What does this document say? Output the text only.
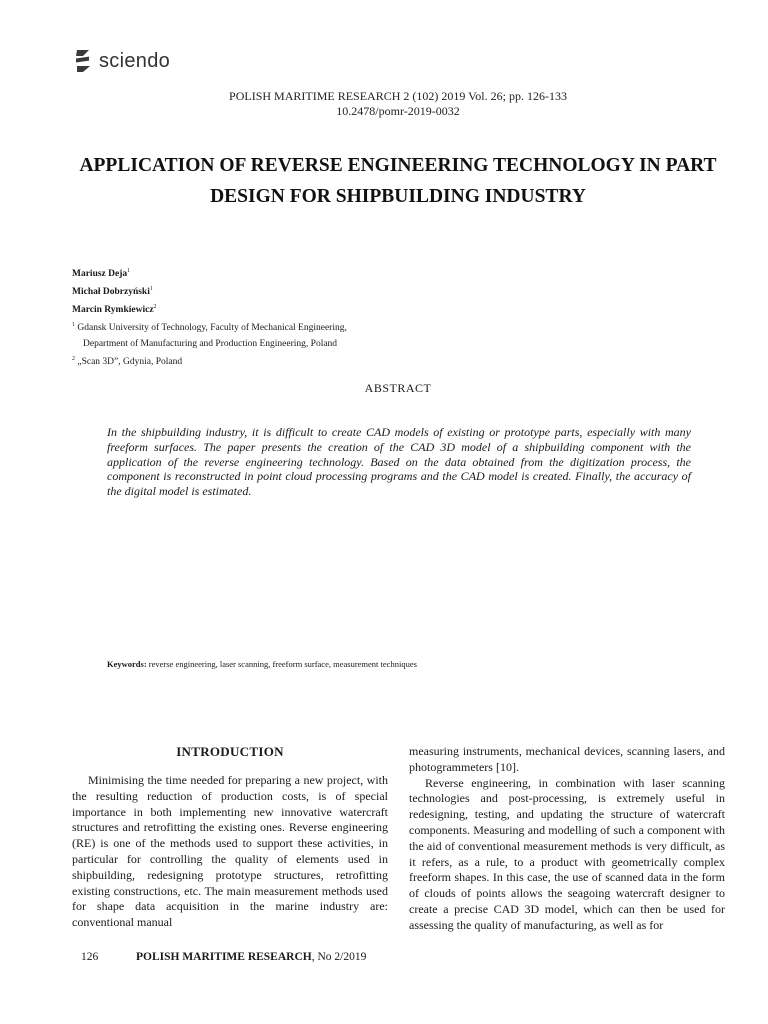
sciendo
POLISH MARITIME RESEARCH 2 (102) 2019 Vol. 26; pp. 126-133
10.2478/pomr-2019-0032
APPLICATION OF REVERSE ENGINEERING TECHNOLOGY IN PART DESIGN FOR SHIPBUILDING INDUSTRY
Mariusz Deja$^1$
Michał Dobrzyński$^1$
Marcin Rymkiewicz$^2$
$^1$ Gdansk University of Technology, Faculty of Mechanical Engineering,
Department of Manufacturing and Production Engineering, Poland
$^2$ „Scan 3D”, Gdynia, Poland
ABSTRACT
In the shipbuilding industry, it is difficult to create CAD models of existing or prototype parts, especially with many freeform surfaces. The paper presents the creation of the CAD 3D model of a shipbuilding component with the application of the reverse engineering technology. Based on the data obtained from the digitization process, the component is reconstructed in point cloud processing programs and the CAD model is created. Finally, the accuracy of the digital model is estimated.
Keywords: reverse engineering, laser scanning, freeform surface, measurement techniques
INTRODUCTION

Minimising the time needed for preparing a new project, with the resulting reduction of production costs, is of special importance in both implementing new innovative watercraft structures and retrofitting the existing ones. Reverse engineering (RE) is one of the methods used to support these activities, in particular for controlling the quality of elements used in shipbuilding, redesigning prototype structures, retrofitting existing constructions, etc. The main measurement methods used for shape data acquisition in the marine industry are: conventional manual

measuring instruments, mechanical devices, scanning lasers, and photogrammeters [10].

Reverse engineering, in combination with laser scanning technologies and post-processing, is extremely useful in redesigning, testing, and updating the structure of watercraft components. Measuring and modelling of such a component with the aid of conventional measurement methods is very difficult, as it refers, as a rule, to a product with geometrically complex freeform shapes. In this case, the use of scanned data in the form of clouds of points allows the seagoing watercraft designer to create a precise CAD 3D model, which can then be used for assessing the quality of manufacturing, as well as for

126	POLISH MARITIME RESEARCH, No 2/2019
